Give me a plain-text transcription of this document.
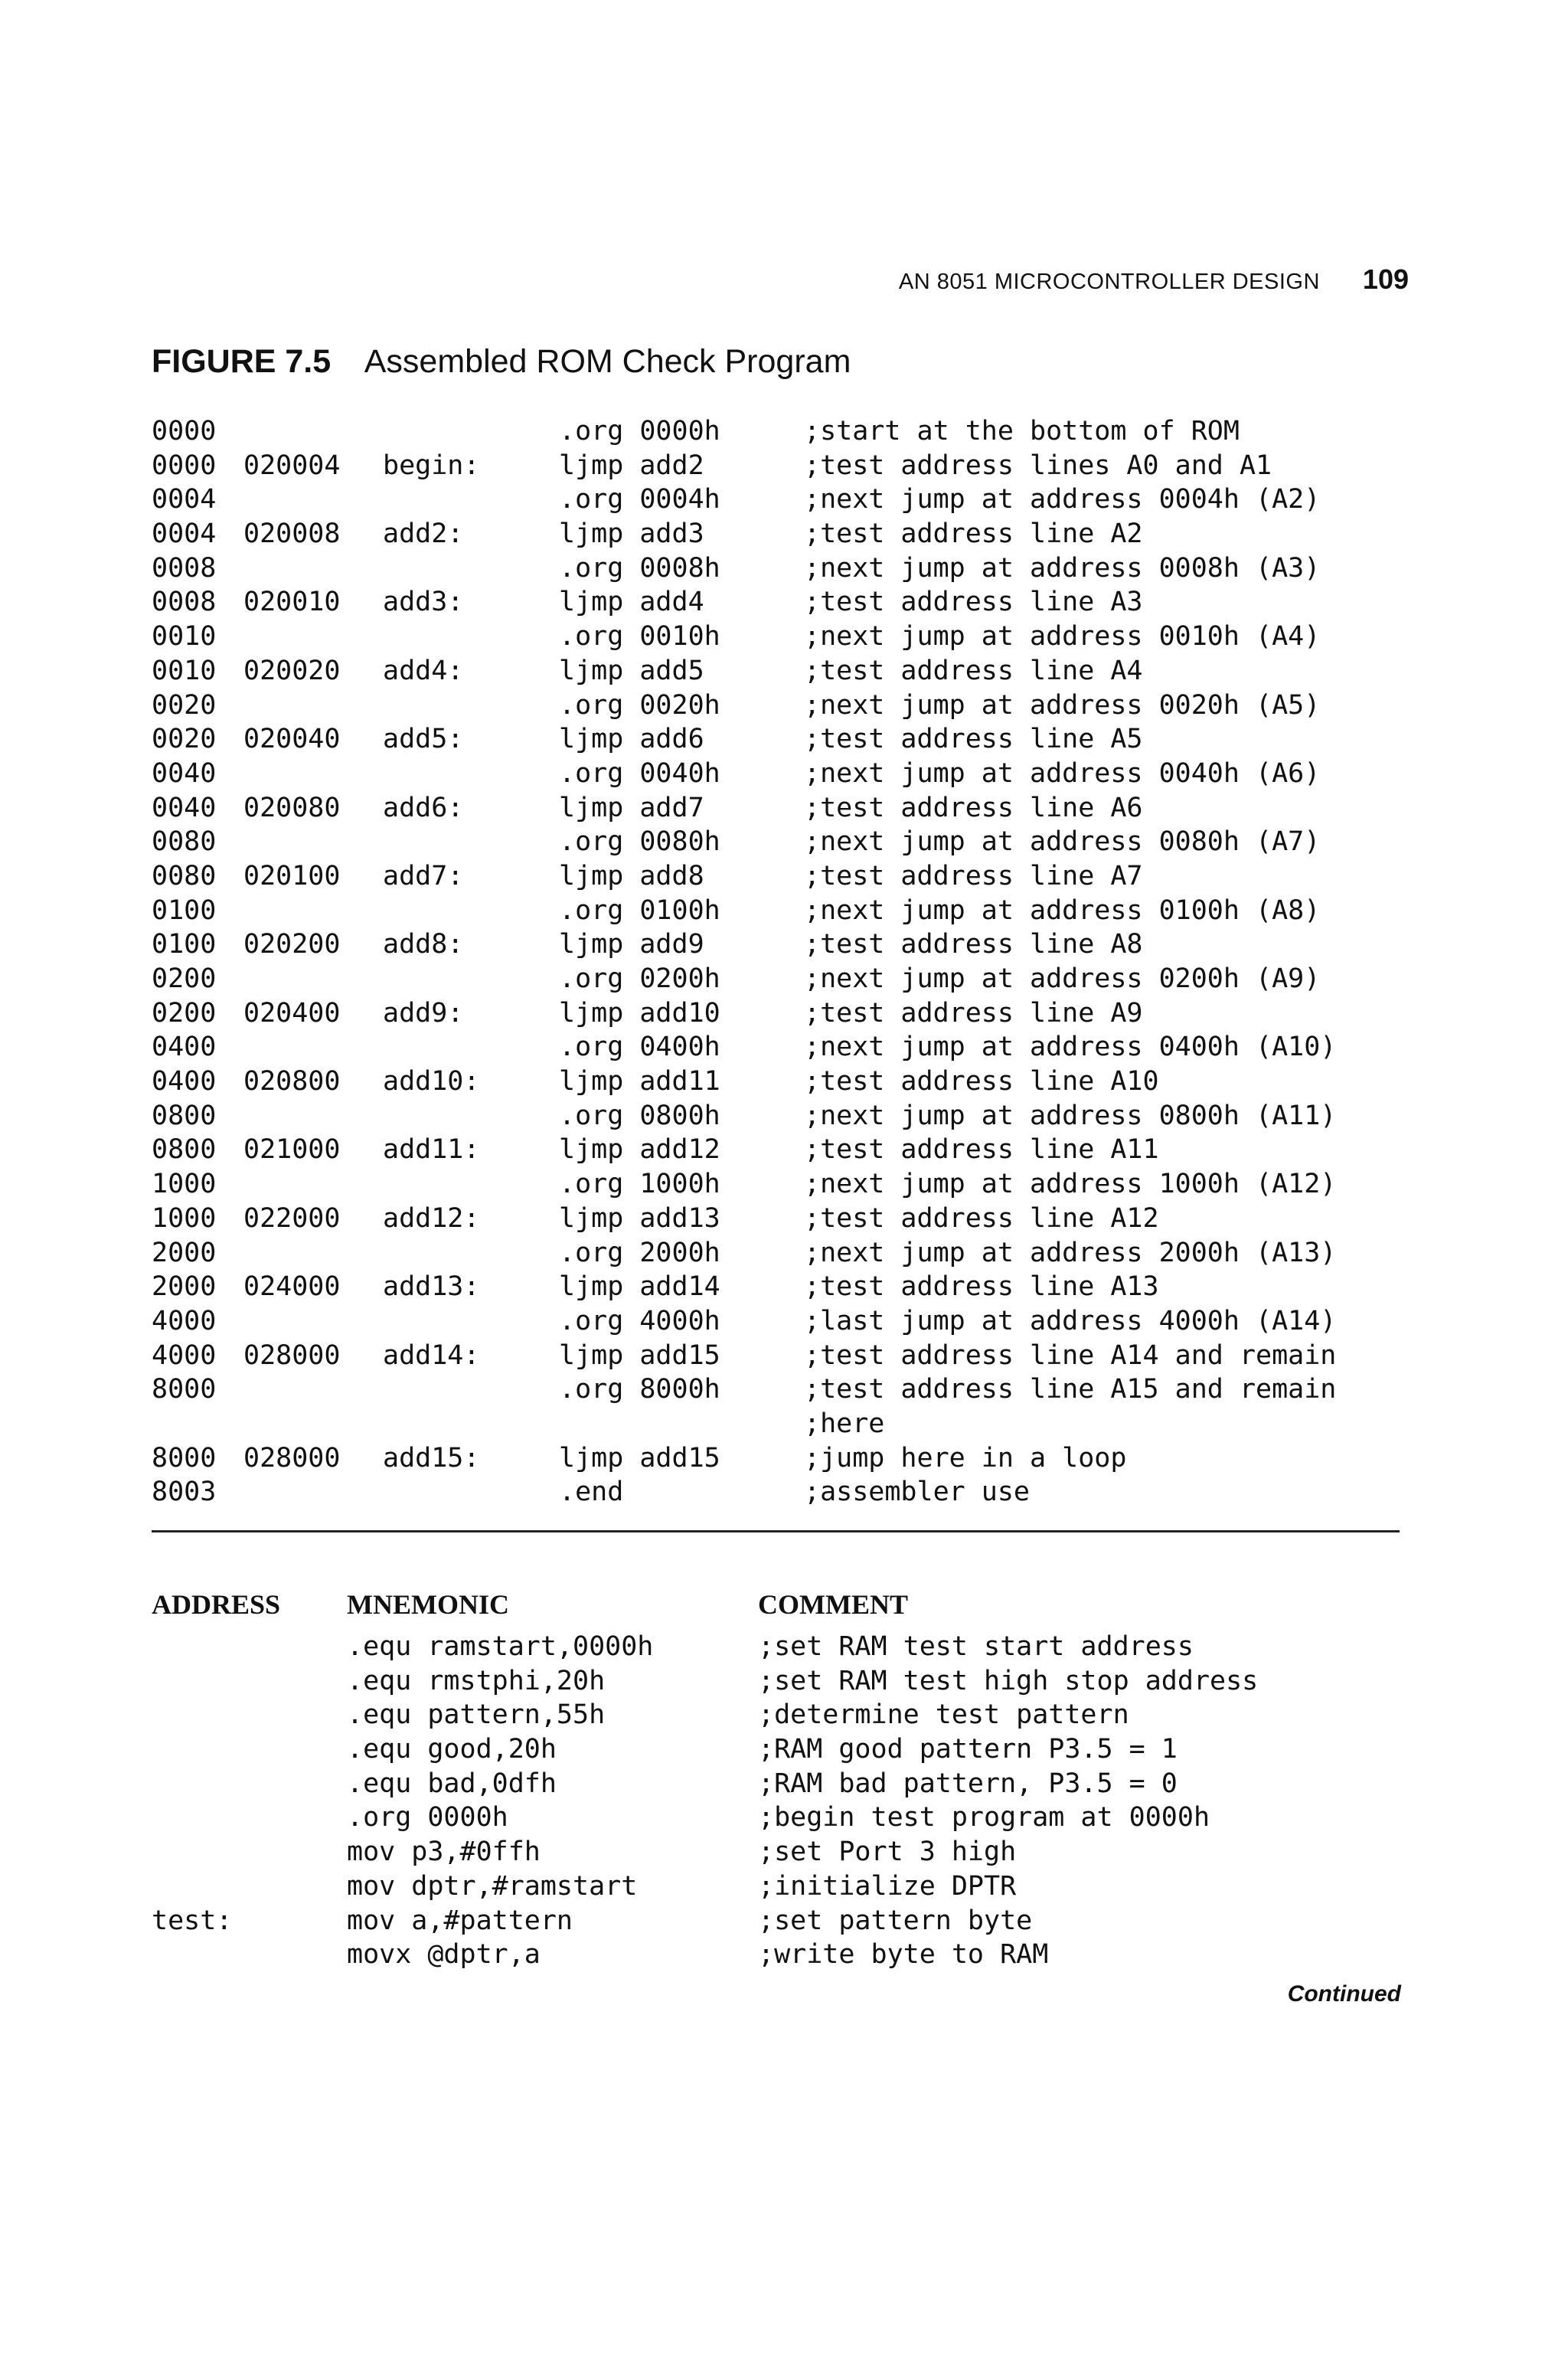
AN 8051 MICROCONTROLLER DESIGN 109
FIGURE 7.5 Assembled ROM Check Program
0000	.org 0000h	;start at the bottom of ROM
0000 020004 begin:	ljmp add2	;test address lines A0 and A1
0004	.org 0004h	;next jump at address 0004h (A2)
0004 020008 add2:	ljmp add3	;test address line A2
0008	.org 0008h	;next jump at address 0008h (A3)
0008 020010 add3:	ljmp add4	;test address line A3
0010	.org 0010h	;next jump at address 0010h (A4)
0010 020020 add4:	ljmp add5	;test address line A4
0020	.org 0020h	;next jump at address 0020h (A5)
0020 020040 add5:	ljmp add6	;test address line A5
0040	.org 0040h	;next jump at address 0040h (A6)
0040 020080 add6:	ljmp add7	;test address line A6
0080	.org 0080h	;next jump at address 0080h (A7)
0080 020100 add7:	ljmp add8	;test address line A7
0100	.org 0100h	;next jump at address 0100h (A8)
0100 020200 add8:	ljmp add9	;test address line A8
0200	.org 0200h	;next jump at address 0200h (A9)
0200 020400 add9:	ljmp add10	;test address line A9
0400	.org 0400h	;next jump at address 0400h (A10)
0400 020800 add10:	ljmp add11	;test address line A10
0800	.org 0800h	;next jump at address 0800h (A11)
0800 021000 add11:	ljmp add12	;test address line A11
1000	.org 1000h	;next jump at address 1000h (A12)
1000 022000 add12:	ljmp add13	;test address line A12
2000	.org 2000h	;next jump at address 2000h (A13)
2000 024000 add13:	ljmp add14	;test address line A13
4000	.org 4000h	;last jump at address 4000h (A14)
4000 028000 add14:	ljmp add15	;test address line A14 and remain
8000	.org 8000h	;test address line A15 and remain
;here
8000 028000 add15:	ljmp add15	;jump here in a loop
8003	.end	;assembler use
ADDRESS MNEMONIC	COMMENT
.equ ramstart,0000h	;set RAM test start address
.equ rmstphi,20h	;set RAM test high stop address
.equ pattern,55h	;determine test pattern
.equ good,20h	;RAM good pattern P3.5 = 1
.equ bad,0dfh	;RAM bad pattern, P3.5 = 0
.org 0000h	;begin test program at 0000h
mov p3,#0ffh	;set Port 3 high
mov dptr,#ramstart	;initialize DPTR
test:	mov a,#pattern	;set pattern byte
movx @dptr,a	;write byte to RAM
Continued
